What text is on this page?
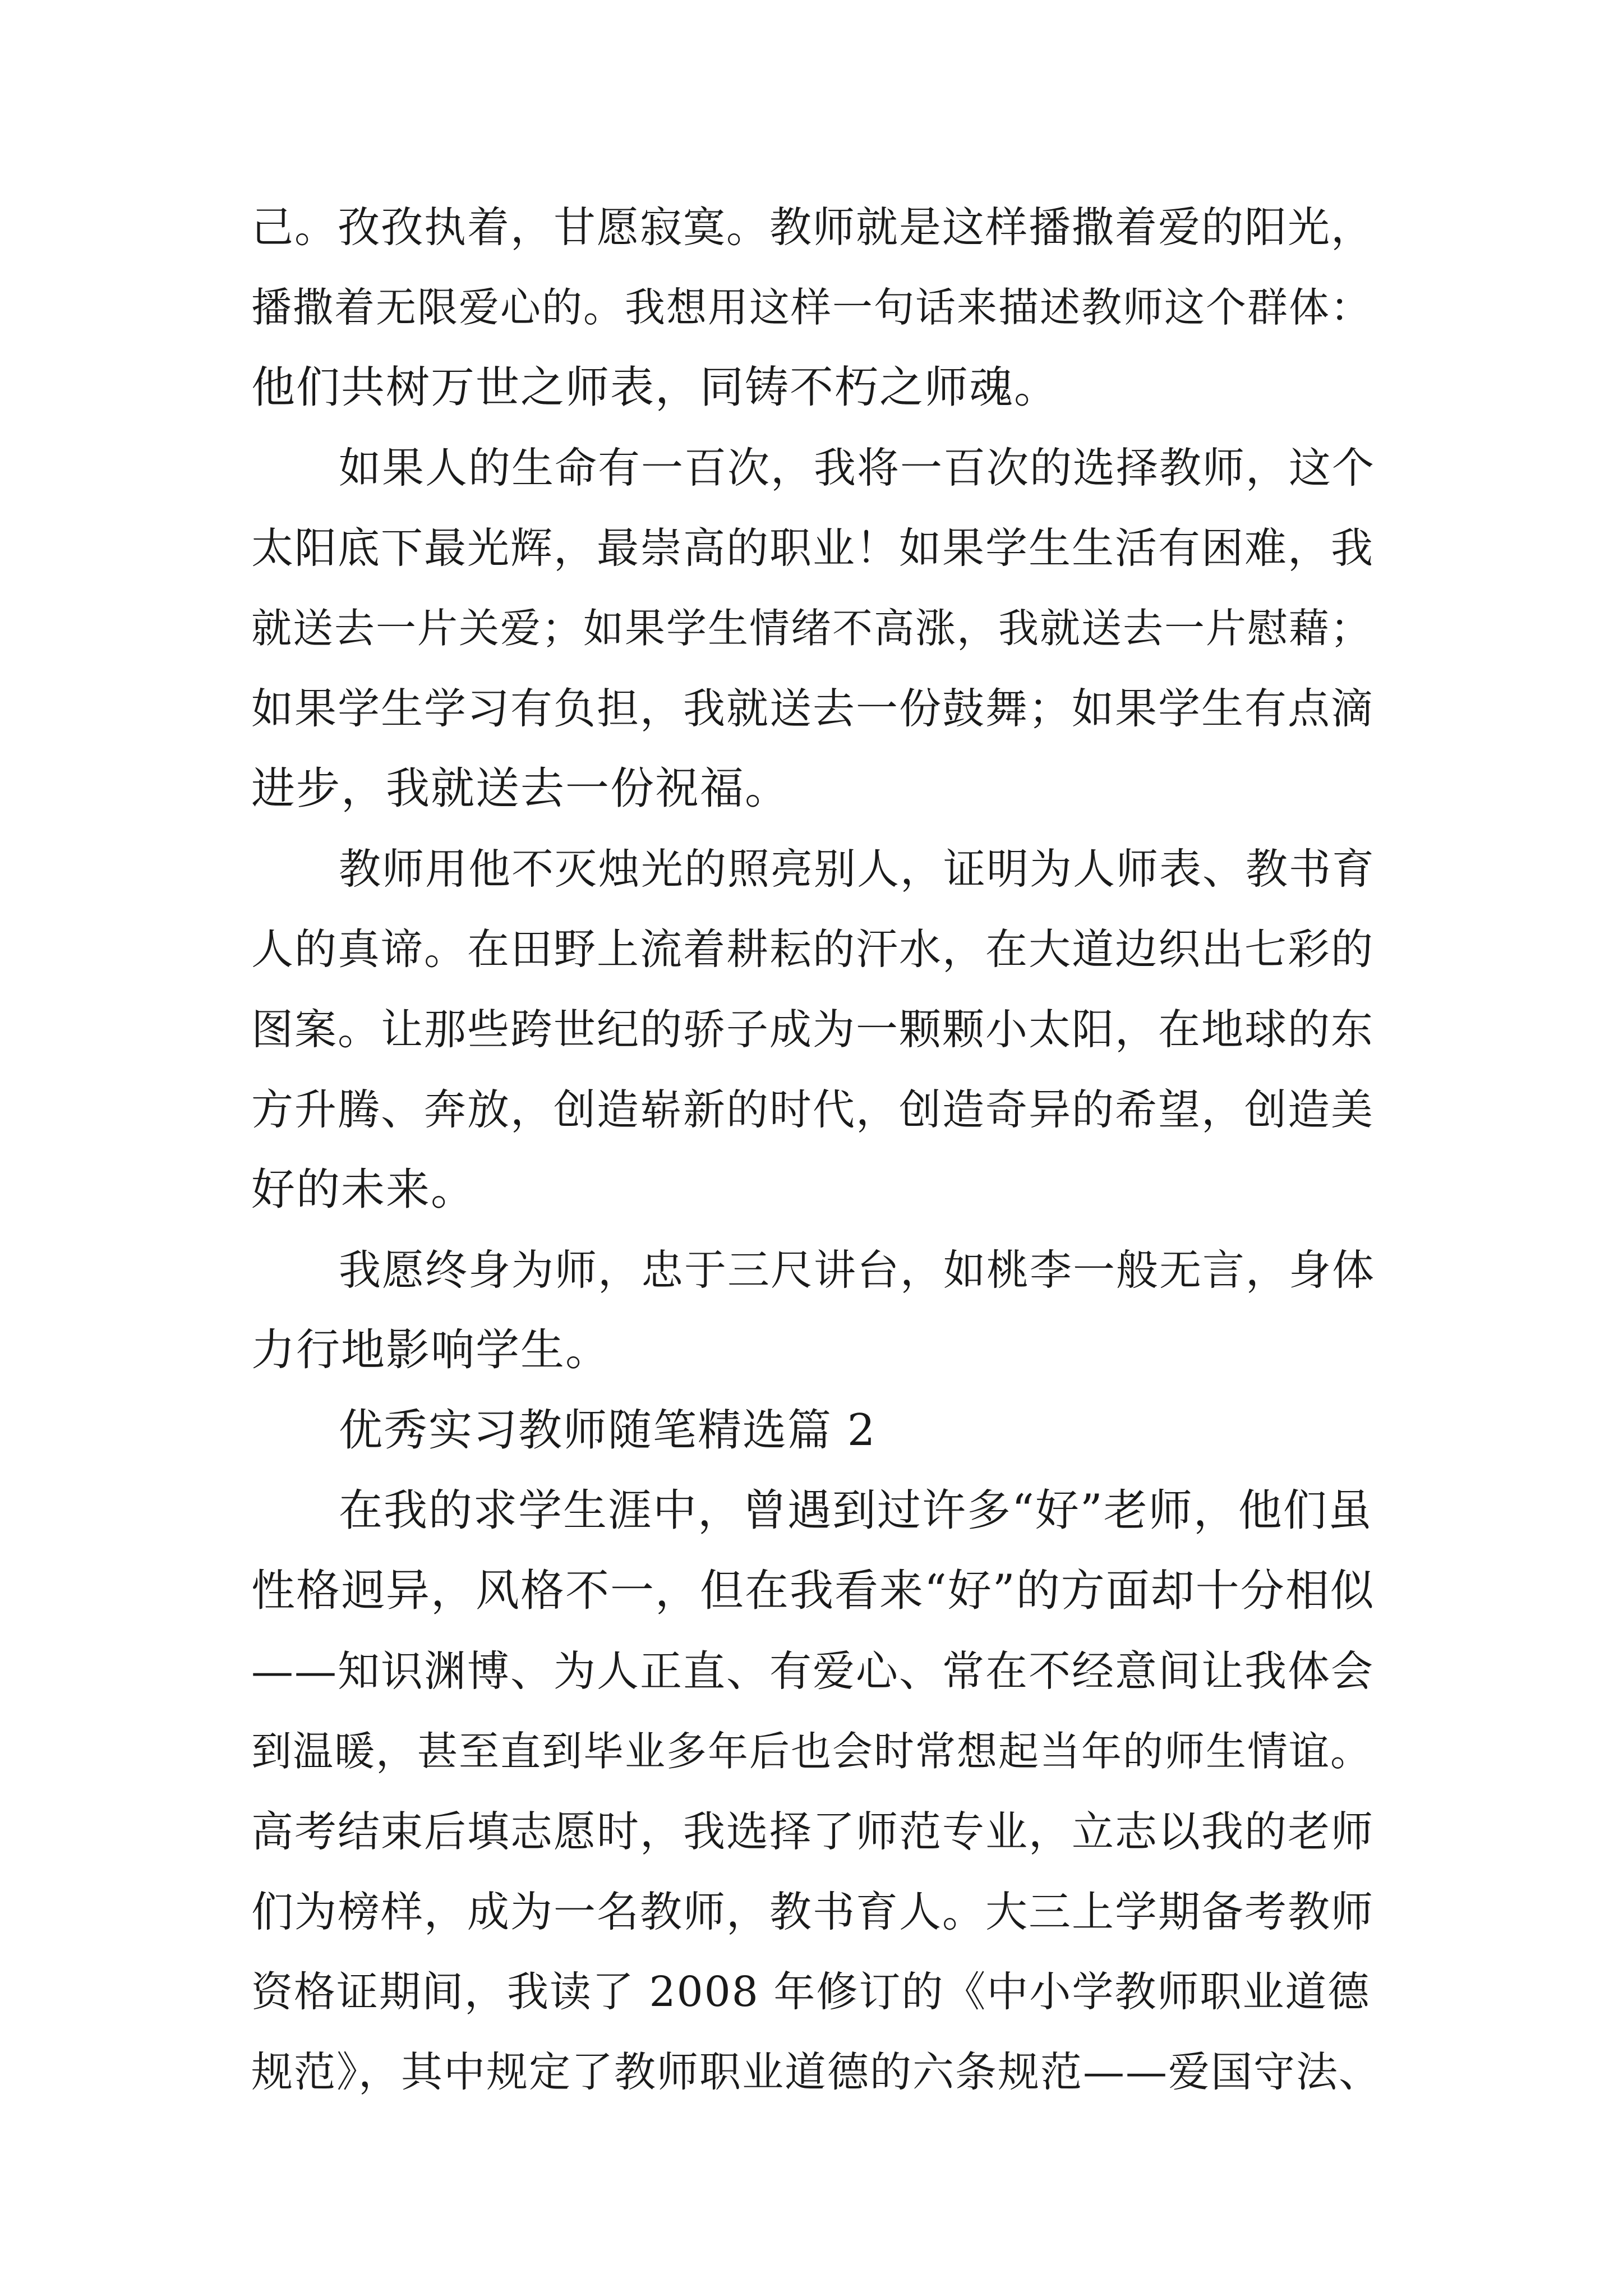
己。孜孜执着，甘愿寂寞。教师就是这样播撒着爱的阳光，
播撒着无限爱心的。我想用这样一句话来描述教师这个群体：
他们共树万世之师表，同铸不朽之师魂。
如果人的生命有一百次，我将一百次的选择教师，这个
太阳底下最光辉，最崇高的职业！如果学生生活有困难，我
就送去一片关爱；如果学生情绪不高涨，我就送去一片慰藉；
如果学生学习有负担，我就送去一份鼓舞；如果学生有点滴
进步，我就送去一份祝福。
教师用他不灭烛光的照亮别人，证明为人师表、教书育
人的真谛。在田野上流着耕耘的汗水，在大道边织出七彩的
图案。让那些跨世纪的骄子成为一颗颗小太阳，在地球的东
方升腾、奔放，创造崭新的时代，创造奇异的希望，创造美
好的未来。
我愿终身为师，忠于三尺讲台，如桃李一般无言，身体
力行地影响学生。
优秀实习教师随笔精选篇 2
在我的求学生涯中，曾遇到过许多“好”老师，他们虽
性格迥异，风格不一，但在我看来“好”的方面却十分相似
——知识渊博、为人正直、有爱心、常在不经意间让我体会
到温暖，甚至直到毕业多年后也会时常想起当年的师生情谊。
高考结束后填志愿时，我选择了师范专业，立志以我的老师
们为榜样，成为一名教师，教书育人。大三上学期备考教师
资格证期间，我读了 2008 年修订的《中小学教师职业道德
规范》，其中规定了教师职业道德的六条规范——爱国守法、
